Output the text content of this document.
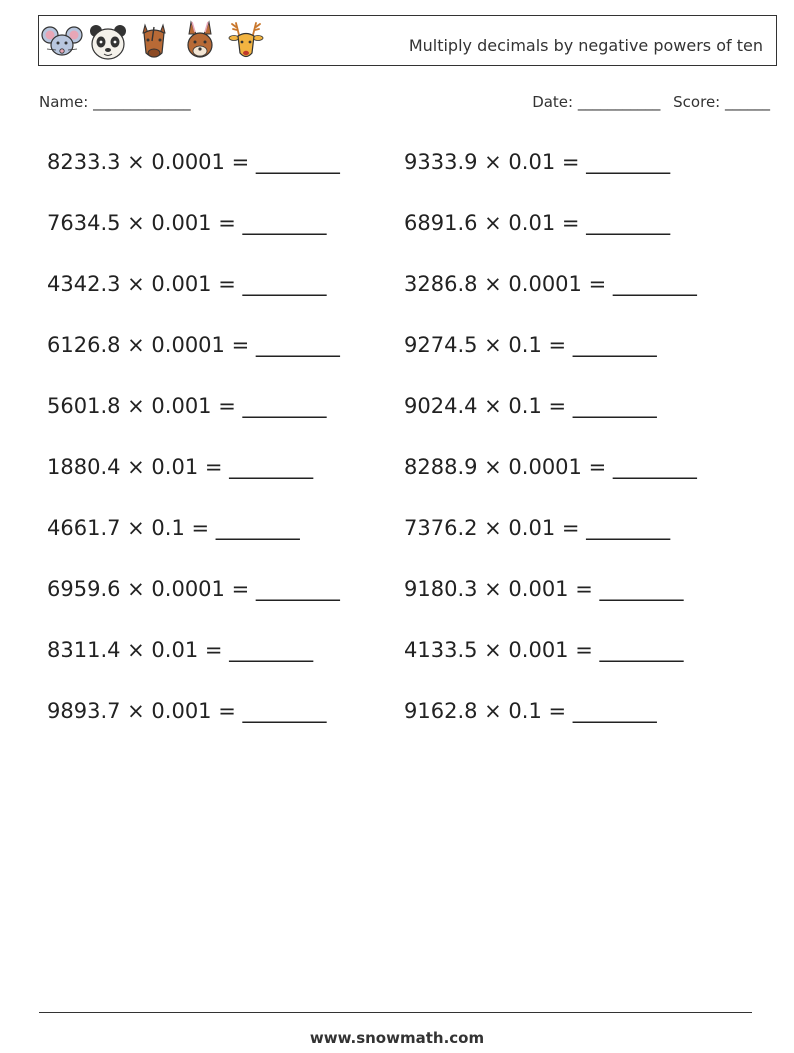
Multiply decimals by negative powers of ten
Name: _____________	Date: ___________ Score: ______
8233.3 × 0.0001 = ________
7634.5 × 0.001 = ________
4342.3 × 0.001 = ________
6126.8 × 0.0001 = ________
5601.8 × 0.001 = ________
1880.4 × 0.01 = ________
4661.7 × 0.1 = ________
6959.6 × 0.0001 = ________
8311.4 × 0.01 = ________
9893.7 × 0.001 = ________
9333.9 × 0.01 = ________
6891.6 × 0.01 = ________
3286.8 × 0.0001 = ________
9274.5 × 0.1 = ________
9024.4 × 0.1 = ________
8288.9 × 0.0001 = ________
7376.2 × 0.01 = ________
9180.3 × 0.001 = ________
4133.5 × 0.001 = ________
9162.8 × 0.1 = ________
www.snowmath.com
